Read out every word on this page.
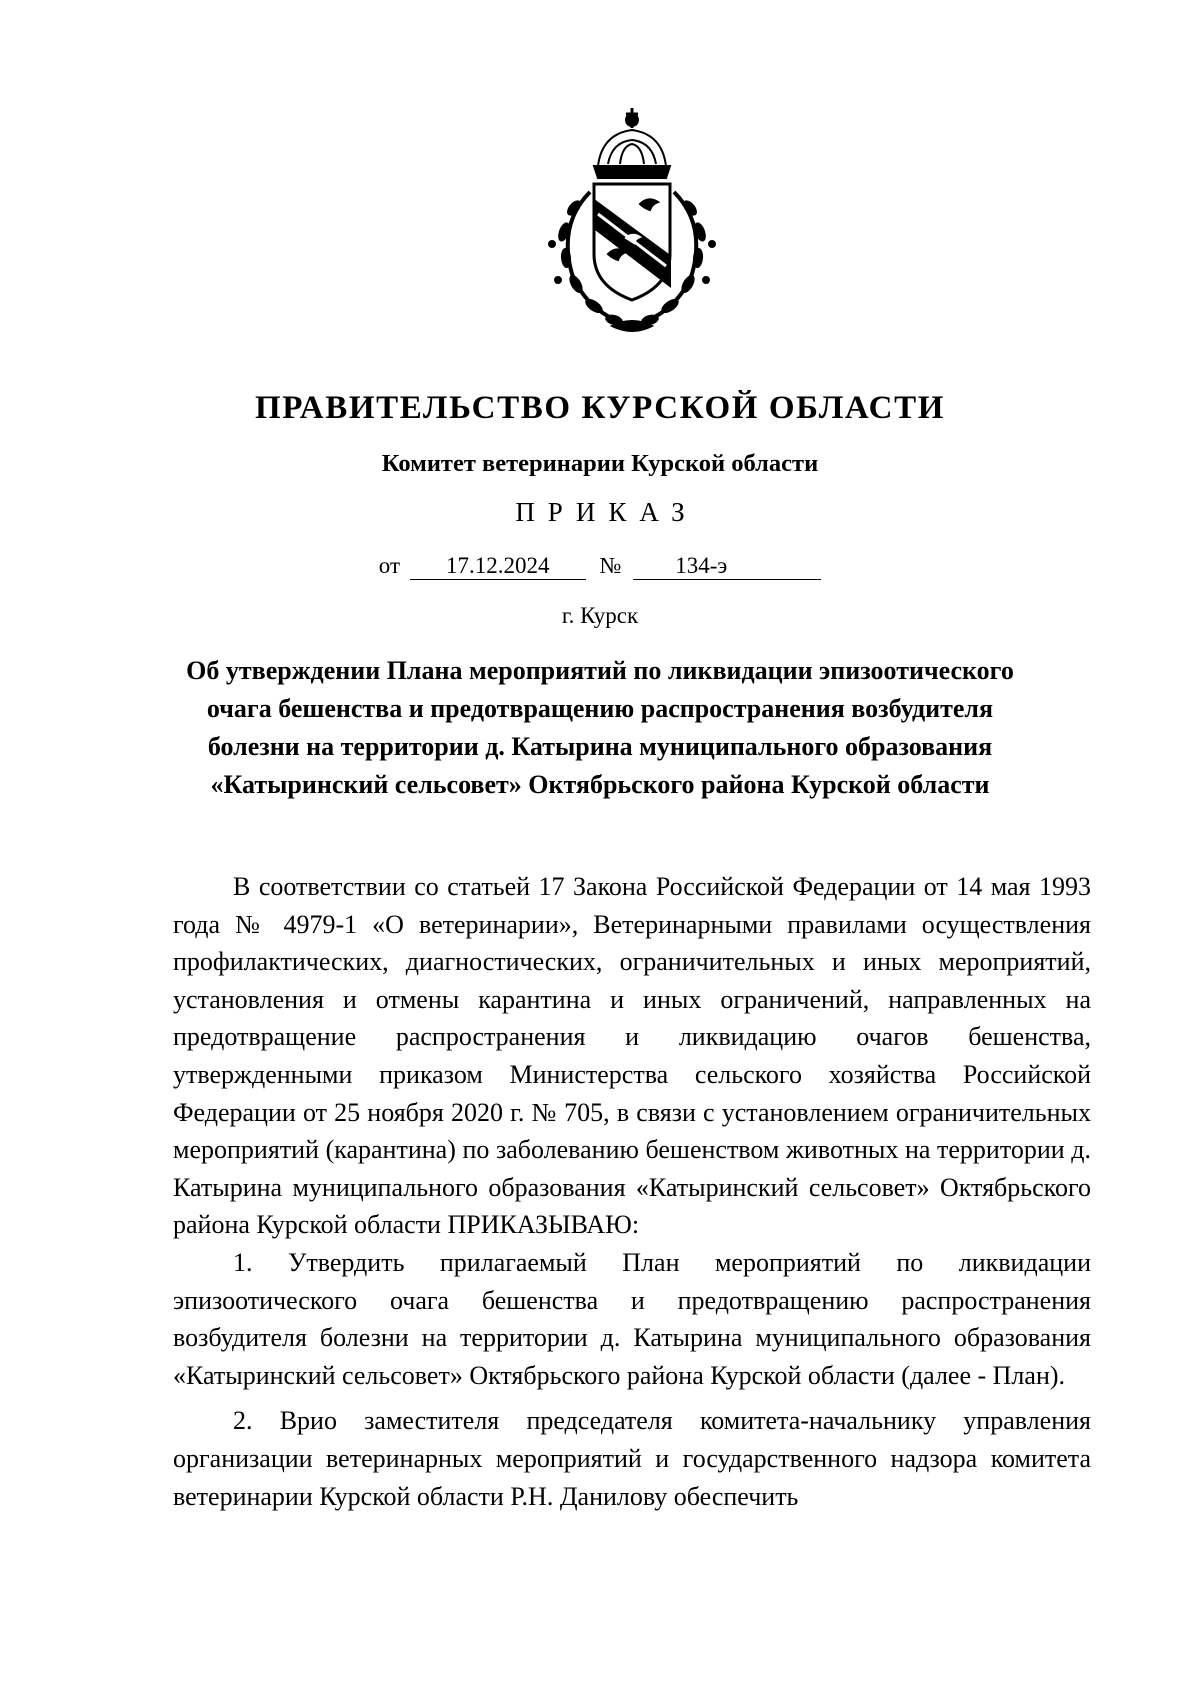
ПРАВИТЕЛЬСТВО КУРСКОЙ ОБЛАСТИ
Комитет ветеринарии Курской области
ПРИКАЗ
от 17.12.2024 № 134-э
г. Курск
Об утверждении Плана мероприятий по ликвидации эпизоотического очага бешенства и предотвращению распространения возбудителя болезни на территории д. Катырина муниципального образования «Катыринский сельсовет» Октябрьского района Курской области

В соответствии со статьей 17 Закона Российской Федерации от 14 мая 1993 года № 4979-1 «О ветеринарии», Ветеринарными правилами осуществления профилактических, диагностических, ограничительных и иных мероприятий, установления и отмены карантина и иных ограничений, направленных на предотвращение распространения и ликвидацию очагов бешенства, утвержденными приказом Министерства сельского хозяйства Российской Федерации от 25 ноября 2020 г. № 705, в связи с установлением ограничительных мероприятий (карантина) по заболеванию бешенством животных на территории д. Катырина муниципального образования «Катыринский сельсовет» Октябрьского района Курской области ПРИКАЗЫВАЮ:

1. Утвердить прилагаемый План мероприятий по ликвидации эпизоотического очага бешенства и предотвращению распространения возбудителя болезни на территории д. Катырина муниципального образования «Катыринский сельсовет» Октябрьского района Курской области (далее - План).

2. Врио заместителя председателя комитета-начальнику управления организации ветеринарных мероприятий и государственного надзора комитета ветеринарии Курской области Р.Н. Данилову обеспечить
